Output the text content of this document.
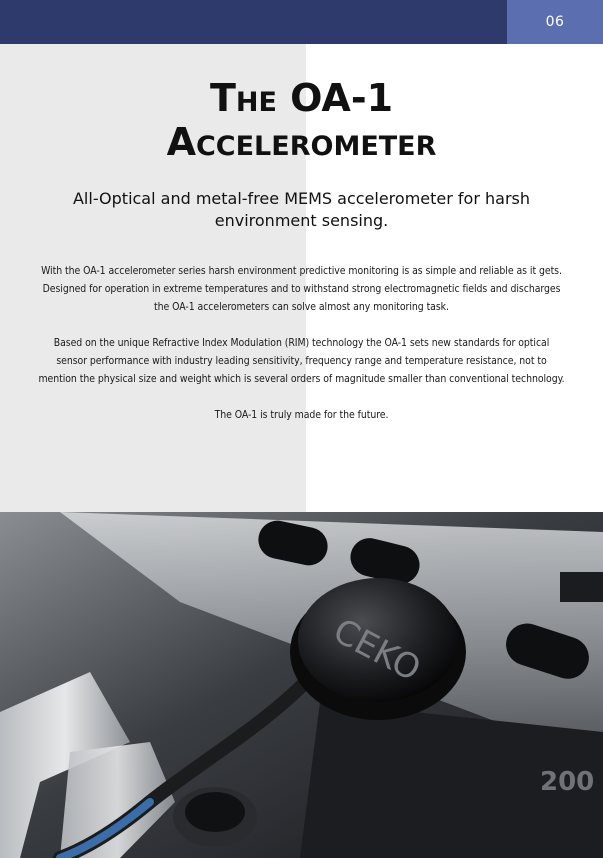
06
The OA-1
Accelerometer
All-Optical and metal-free MEMS accelerometer for harsh environment sensing.

With the OA-1 accelerometer series harsh environment predictive monitoring is as simple and reliable as it gets. Designed for operation in extreme temperatures and to withstand strong electromagnetic fields and discharges the OA-1 accelerometers can solve almost any monitoring task.

Based on the unique Refractive Index Modulation (RIM) technology the OA-1 sets new standards for optical sensor performance with industry leading sensitivity, frequency range and temperature resistance, not to mention the physical size and weight which is several orders of magnitude smaller than conventional technology.

The OA-1 is truly made for the future.

200
CEKO
